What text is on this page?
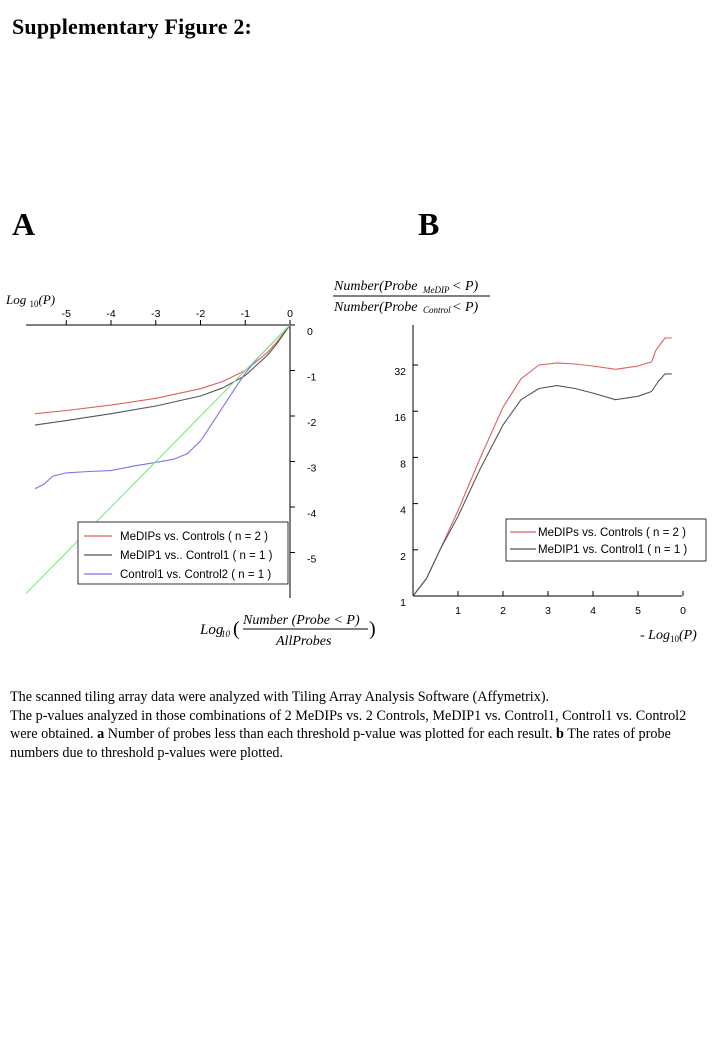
Supplementary Figure 2:
A	B
Log $_{10}$(P)
-5	-4	-3	-2	-1	0
0
-1
-2
-3
-4
-5
MeDIPs vs. Controls ( n = 2 )
MeDIP1 vs.. Control1 ( n = 1 )
Control1 vs. Control2 ( n = 1 )
Log
10 ( Number (Probe < P)
AllProbes
)
Number(Probe MeDIP < P)
Number(Probe Control < P)
1	2	3	4	5	0
1
2
4
8
16
32
MeDIPs vs. Controls ( n = 2 )
MeDIP1 vs. Control1 ( n = 1 )
- Log$_{10}$(P)

The scanned tiling array data were analyzed with Tiling Array Analysis Software (Affymetrix).

The p-values analyzed in those combinations of 2 MeDIPs vs. 2 Controls, MeDIP1 vs. Control1, Control1 vs. Control2 were obtained. a Number of probes less than each threshold p-value was plotted for each result. b The rates of probe numbers due to threshold p-values were plotted.
